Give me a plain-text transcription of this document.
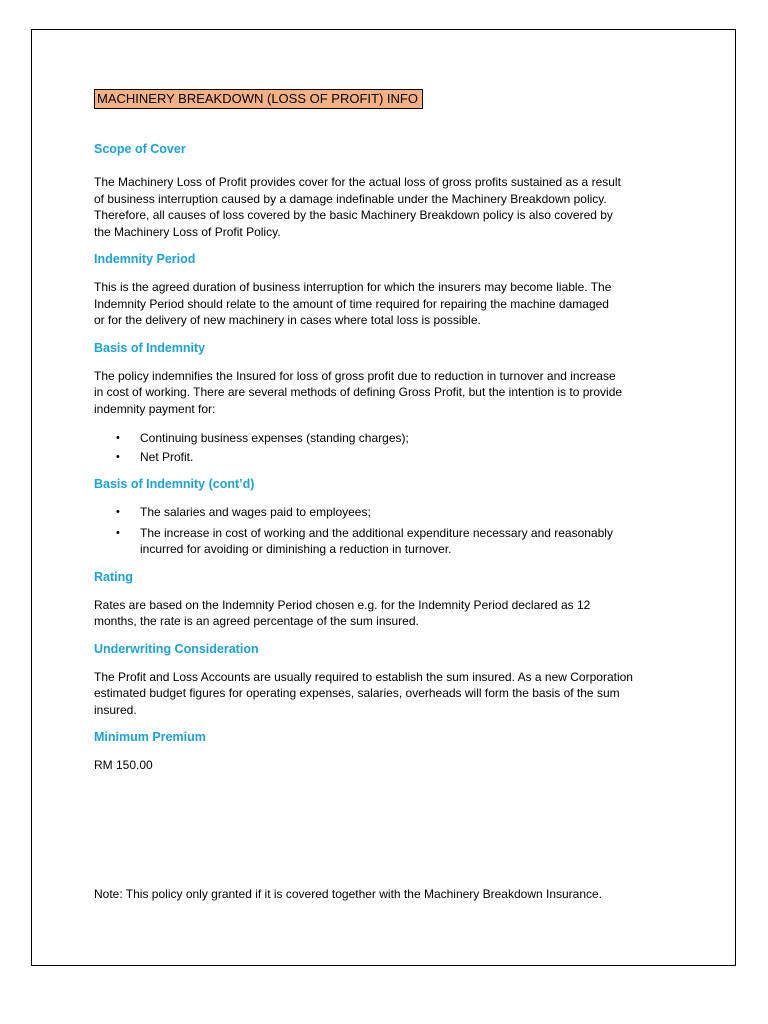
MACHINERY BREAKDOWN (LOSS OF PROFIT) INFO
Scope of Cover

The Machinery Loss of Profit provides cover for the actual loss of gross profits sustained as a result

of business interruption caused by a damage indefinable under the Machinery Breakdown policy.

Therefore, all causes of loss covered by the basic Machinery Breakdown policy is also covered by

the Machinery Loss of Profit Policy.

Indemnity Period

This is the agreed duration of business interruption for which the insurers may become liable. The

Indemnity Period should relate to the amount of time required for repairing the machine damaged

or for the delivery of new machinery in cases where total loss is possible.

Basis of Indemnity

The policy indemnifies the Insured for loss of gross profit due to reduction in turnover and increase

in cost of working. There are several methods of defining Gross Profit, but the intention is to provide

indemnity payment for:

• Continuing business expenses (standing charges);
• Net Profit.
Basis of Indemnity (cont’d)
• The salaries and wages paid to employees;
• The increase in cost of working and the additional expenditure necessary and reasonably
incurred for avoiding or diminishing a reduction in turnover.
Rating

Rates are based on the Indemnity Period chosen e.g. for the Indemnity Period declared as 12

months, the rate is an agreed percentage of the sum insured.

Underwriting Consideration

The Profit and Loss Accounts are usually required to establish the sum insured. As a new Corporation

estimated budget figures for operating expenses, salaries, overheads will form the basis of the sum

insured.

Minimum Premium

RM 150.00

Note: This policy only granted if it is covered together with the Machinery Breakdown Insurance.
